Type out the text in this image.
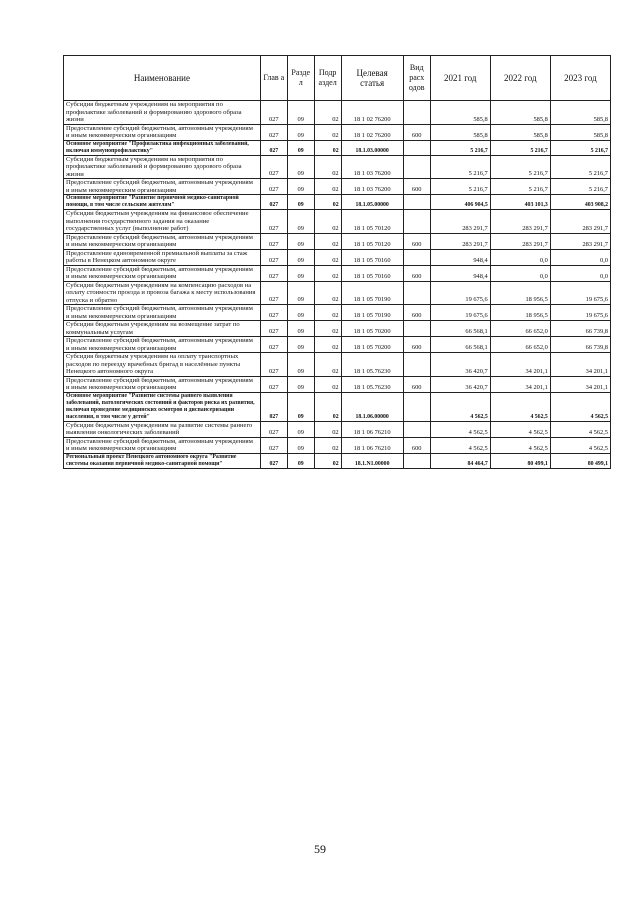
Наименование	Глав а	Разде л	Подр аздел	Целевая статья	Вид расх одов	2021 год	2022 год	2023 год
Субсидия бюджетным учреждениям на мероприятия по профилактике заболеваний и формированию здорового образа жизни	027	09	02	18 1 02 76200		585,8	585,8	585,8
Предоставление субсидий бюджетным, автономным учреждениям и иным некоммерческим организациям	027	09	02	18 1 02 76200	600	585,8	585,8	585,8
Основное мероприятие "Профилактика инфекционных заболеваний, включая иммунопрофилактику"	027	09	02	18.1.03.00000		5 216,7	5 216,7	5 216,7
Субсидия бюджетным учреждениям на мероприятия по профилактике заболеваний и формированию здорового образа жизни	027	09	02	18 1 03 76200		5 216,7	5 216,7	5 216,7
Предоставление субсидий бюджетным, автономным учреждениям и иным некоммерческим организациям	027	09	02	18 1 03 76200	600	5 216,7	5 216,7	5 216,7
Основное мероприятие "Развитие первичной медико-санитарной помощи, в том числе сельским жителям"	027	09	02	18.1.05.00000		406 904,5	403 101,3	403 908,2
Субсидии бюджетным учреждениям на финансовое обеспечение выполнения государственного задания на оказание государственных услуг (выполнение работ)	027	09	02	18 1 05 70120		283 291,7	283 291,7	283 291,7
Предоставление субсидий бюджетным, автономным учреждениям и иным некоммерческим организациям	027	09	02	18 1 05 70120	600	283 291,7	283 291,7	283 291,7
Предоставление единовременной премиальной выплаты за стаж работы в Ненецком автономном округе	027	09	02	18 1 05 70160		948,4	0,0	0,0
Предоставление субсидий бюджетным, автономным учреждениям и иным некоммерческим организациям	027	09	02	18 1 05 70160	600	948,4	0,0	0,0
Субсидии бюджетным учреждениям на компенсацию расходов на оплату стоимости проезда и провоза багажа к месту использования отпуска и обратно	027	09	02	18 1 05 70190		19 675,6	18 956,5	19 675,6
Предоставление субсидий бюджетным, автономным учреждениям и иным некоммерческим организациям	027	09	02	18 1 05 70190	600	19 675,6	18 956,5	19 675,6
Субсидии бюджетным учреждениям на возмещение затрат по коммунальным услугам	027	09	02	18 1 05 70200		66 568,1	66 652,0	66 739,8
Предоставление субсидий бюджетным, автономным учреждениям и иным некоммерческим организациям	027	09	02	18 1 05 70200	600	66 568,1	66 652,0	66 739,8
Субсидия бюджетным учреждениям на оплату транспортных расходов по переезду врачебных бригад в населённые пункты Ненецкого автономного округа	027	09	02	18 1 05.76230		36 420,7	34 201,1	34 201,1
Предоставление субсидий бюджетным, автономным учреждениям и иным некоммерческим организациям	027	09	02	18 1 05.76230	600	36 420,7	34 201,1	34 201,1
Основное мероприятие "Развитие системы раннего выявления заболеваний, патологических состояний и факторов риска их развития, включая проведение медицинских осмотров и диспансеризации населения, в том числе у детей"	027	09	02	18.1.06.00000		4 562,5	4 562,5	4 562,5
Субсидии бюджетным учреждениям на развитие системы раннего выявления онкологических заболеваний	027	09	02	18 1 06 76210		4 562,5	4 562,5	4 562,5
Предоставление субсидий бюджетным, автономным учреждениям и иным некоммерческим организациям	027	09	02	18 1 06 76210	600	4 562,5	4 562,5	4 562,5
Региональный проект Ненецкого автономного округа "Развитие системы оказания первичной медико-санитарной помощи"	027	09	02	18.1.N1.00000		84 464,7	80 499,1	80 499,1
59
